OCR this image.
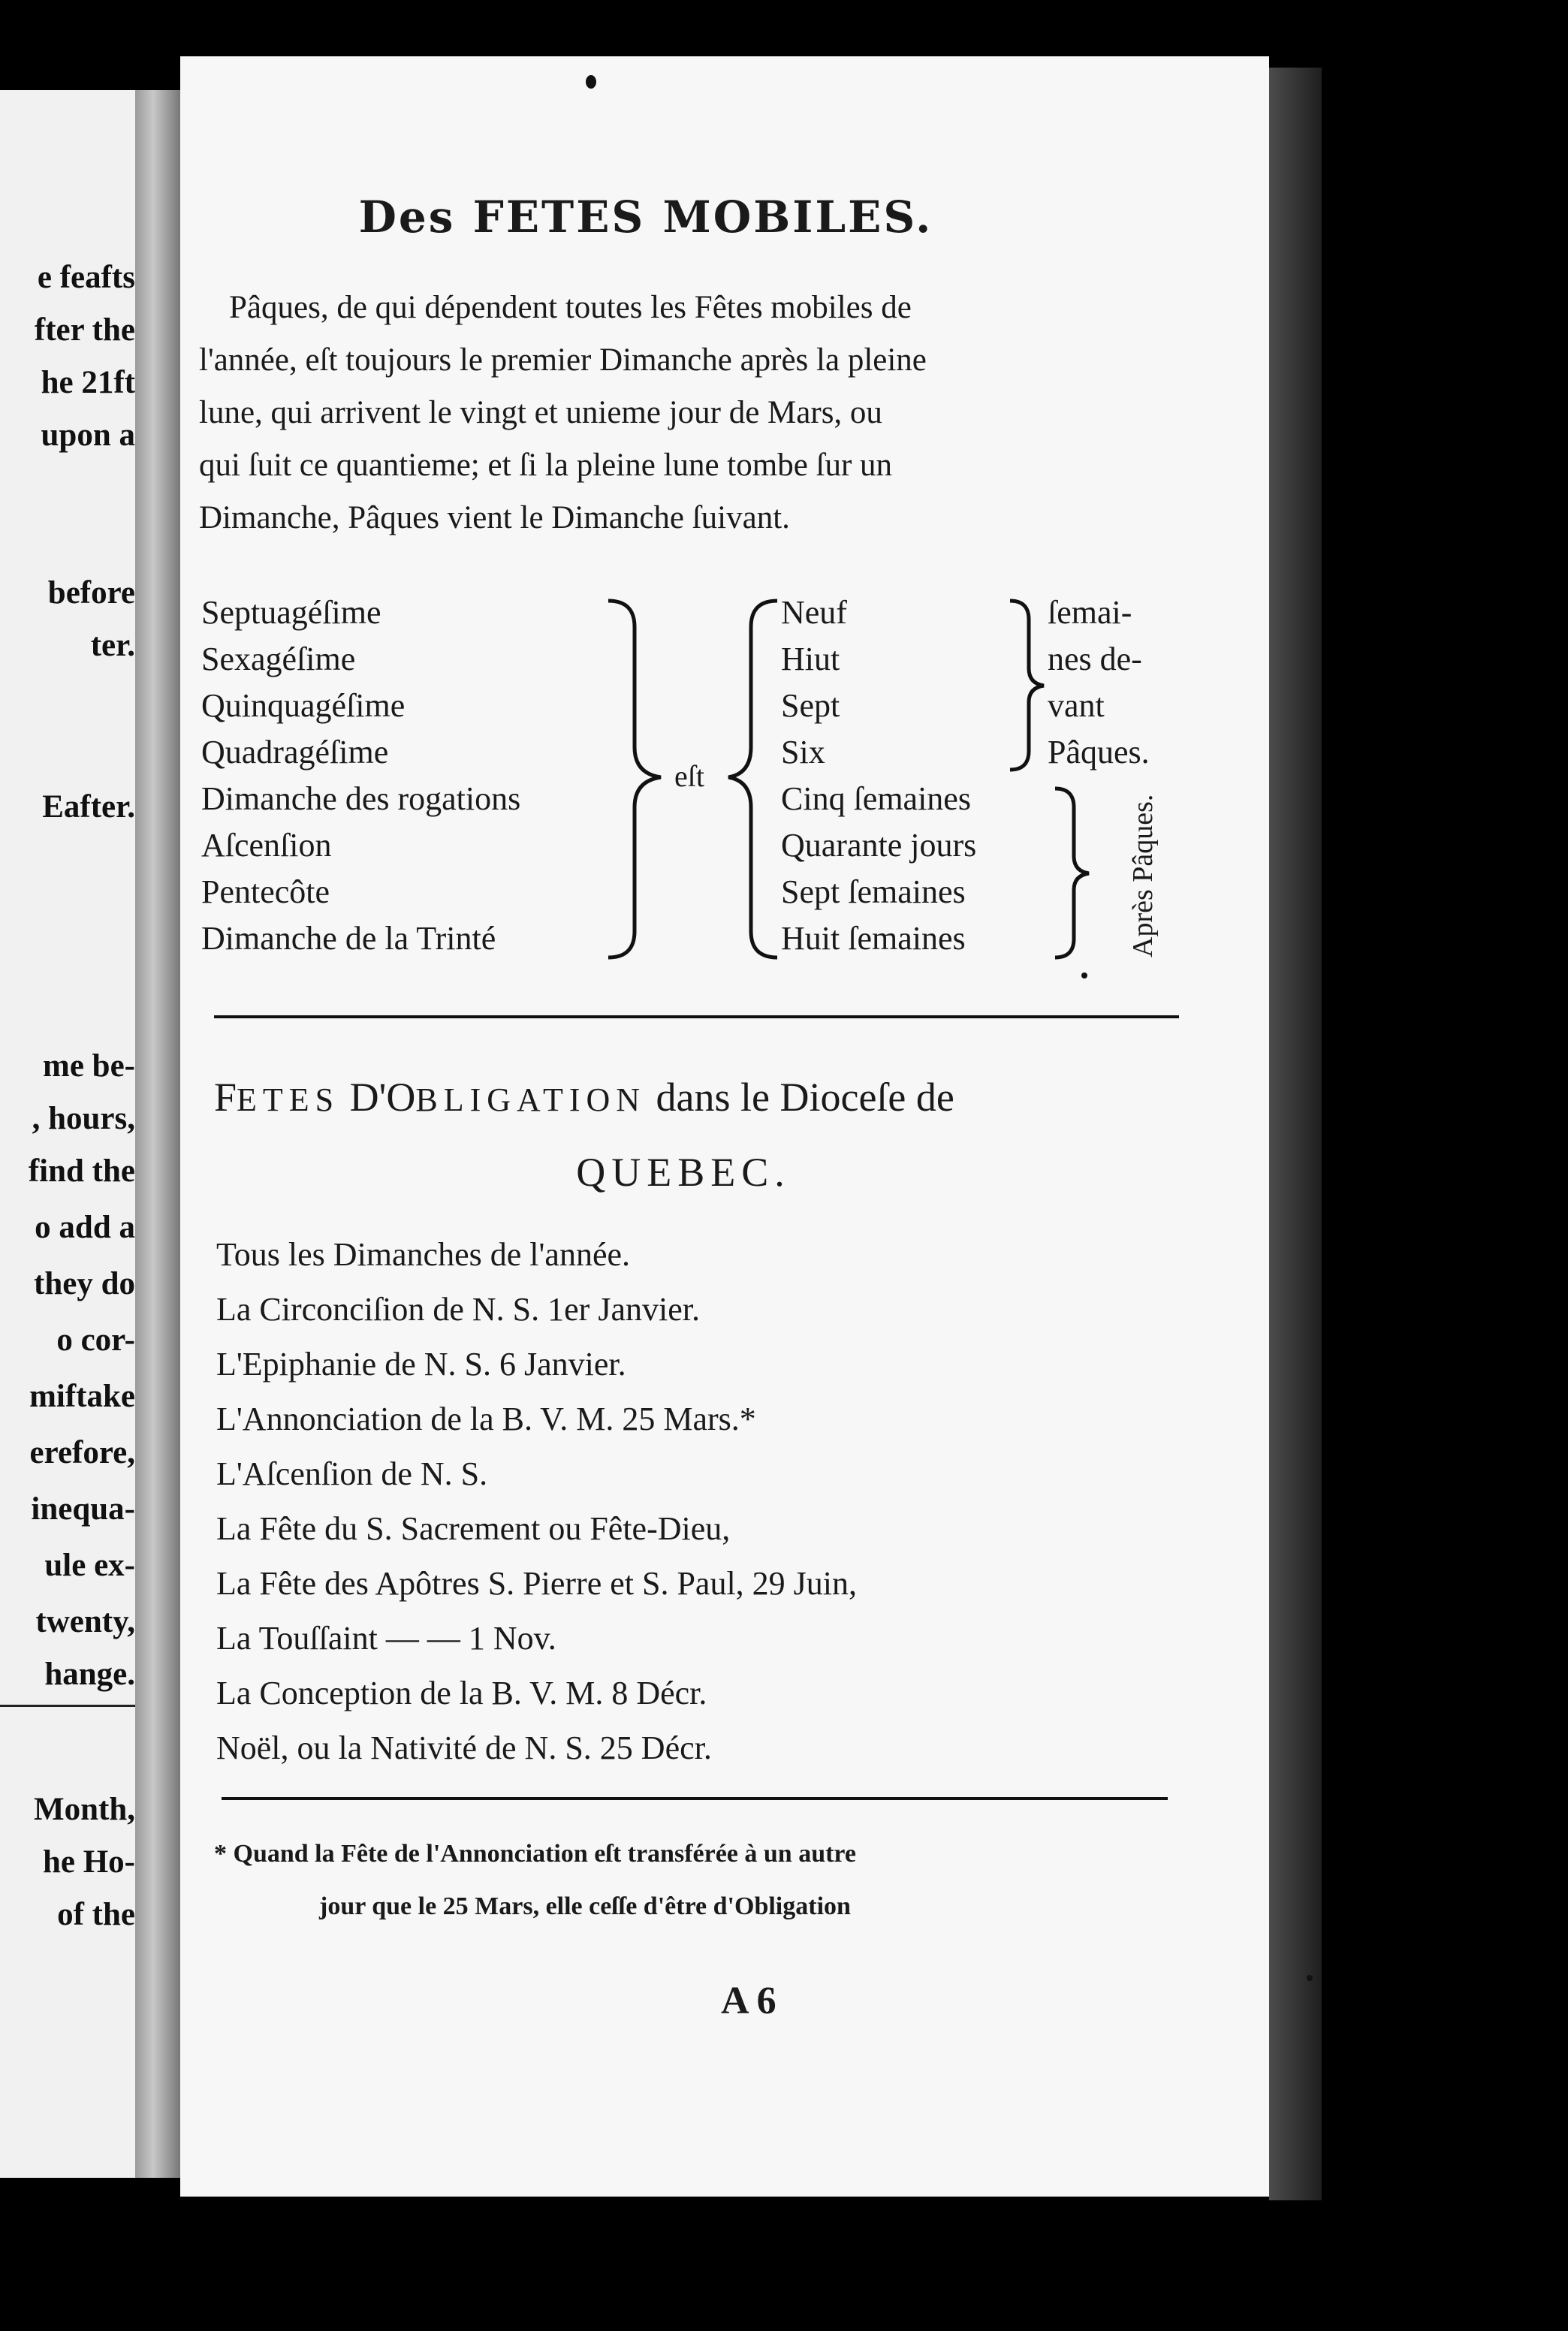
e feafts
fter the
he 21ft
upon a
before
ter.
Eafter.
me be-
, hours,
find the
o add a
they do
o cor-
miftake
erefore,
inequa-
ule ex-
twenty,
hange.
Month,
he Ho-
of the
Des FETES MOBILES.
Pâques, de qui dépendent toutes les Fêtes mobiles de
l'année, eſt toujours le premier Dimanche après la pleine
lune, qui arrivent le vingt et unieme jour de Mars, ou
qui ſuit ce quantieme; et ſi la pleine lune tombe ſur un
Dimanche, Pâques vient le Dimanche ſuivant.
Septuagéſime
Sexagéſime
Quinquagéſime
Quadragéſime
Dimanche des rogations
Aſcenſion
Pentecôte
Dimanche de la Trinté
eſt
Neuf
Hiut
Sept
Six
Cinq ſemaines
Quarante jours
Sept ſemaines
Huit ſemaines
ſemai-
nes de-
vant
Pâques.
Après Pâques.
FETES D'OBLIGATION dans le Dioceſe de
QUEBEC.
Tous les Dimanches de l'année.
La Circonciſion de N. S. 1er Janvier.
L'Epiphanie de N. S. 6 Janvier.
L'Annonciation de la B. V. M. 25 Mars.*
L'Aſcenſion de N. S.
La Fête du S. Sacrement ou Fête-Dieu,
La Fête des Apôtres S. Pierre et S. Paul, 29 Juin,
La Touſſaint — — 1 Nov.
La Conception de la B. V. M. 8 Décr.
Noël, ou la Nativité de N. S. 25 Décr.
* Quand la Fête de l'Annonciation eſt transférée à un autre
jour que le 25 Mars, elle ceſſe d'être d'Obligation
A 6
